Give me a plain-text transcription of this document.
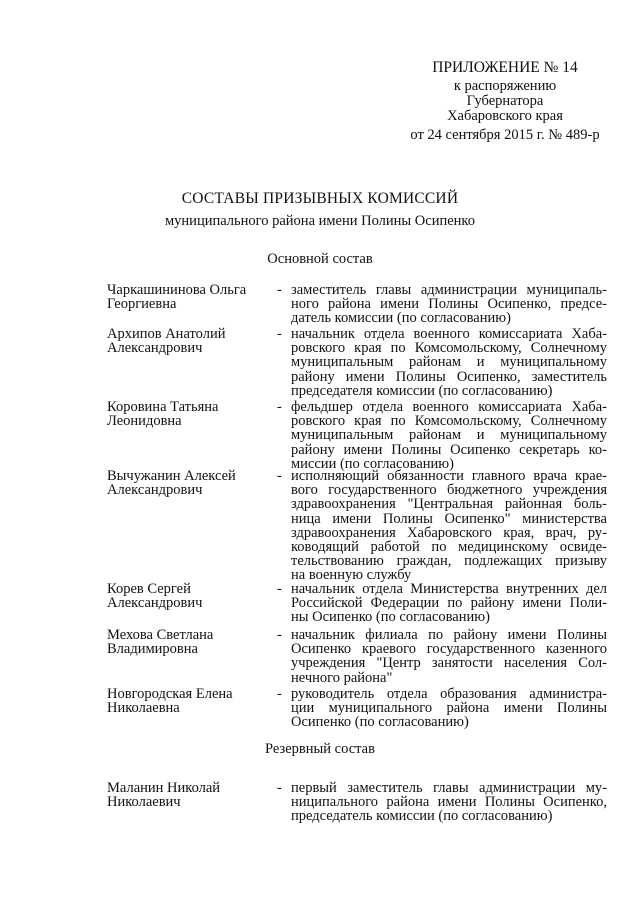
ПРИЛОЖЕНИЕ № 14
к распоряжению
Губернатора
Хабаровского края
от 24 сентября 2015 г. № 489-р
СОСТАВЫ ПРИЗЫВНЫХ КОМИССИЙ
муниципального района имени Полины Осипенко
Основной состав
Чаркашининова Ольга
Георгиевна
- заместитель главы администрации муниципаль-
ного района имени Полины Осипенко, предсе-
датель комиссии (по согласованию)
Архипов Анатолий
Александрович
- начальник отдела военного комиссариата Хаба-
ровского края по Комсомольскому, Солнечному
муниципальным районам и муниципальному
району имени Полины Осипенко, заместитель
председателя комиссии (по согласованию)
Коровина Татьяна
Леонидовна
- фельдшер отдела военного комиссариата Хаба-
ровского края по Комсомольскому, Солнечному
муниципальным районам и муниципальному
району имени Полины Осипенко секретарь ко-
миссии (по согласованию)
Вычужанин Алексей
Александрович
- исполняющий обязанности главного врача крае-
вого государственного бюджетного учреждения
здравоохранения "Центральная районная боль-
ница имени Полины Осипенко" министерства
здравоохранения Хабаровского края, врач, ру-
ководящий работой по медицинскому освиде-
тельствованию граждан, подлежащих призыву
на военную службу
Корев Сергей
Александрович
- начальник отдела Министерства внутренних дел
Российской Федерации по району имени Поли-
ны Осипенко (по согласованию)
Мехова Светлана
Владимировна
- начальник филиала по району имени Полины
Осипенко краевого государственного казенного
учреждения "Центр занятости населения Сол-
нечного района"
Новгородская Елена
Николаевна
- руководитель отдела образования администра-
ции муниципального района имени Полины
Осипенко (по согласованию)
Резервный состав
Маланин Николай
Николаевич
- первый заместитель главы администрации му-
ниципального района имени Полины Осипенко,
председатель комиссии (по согласованию)
